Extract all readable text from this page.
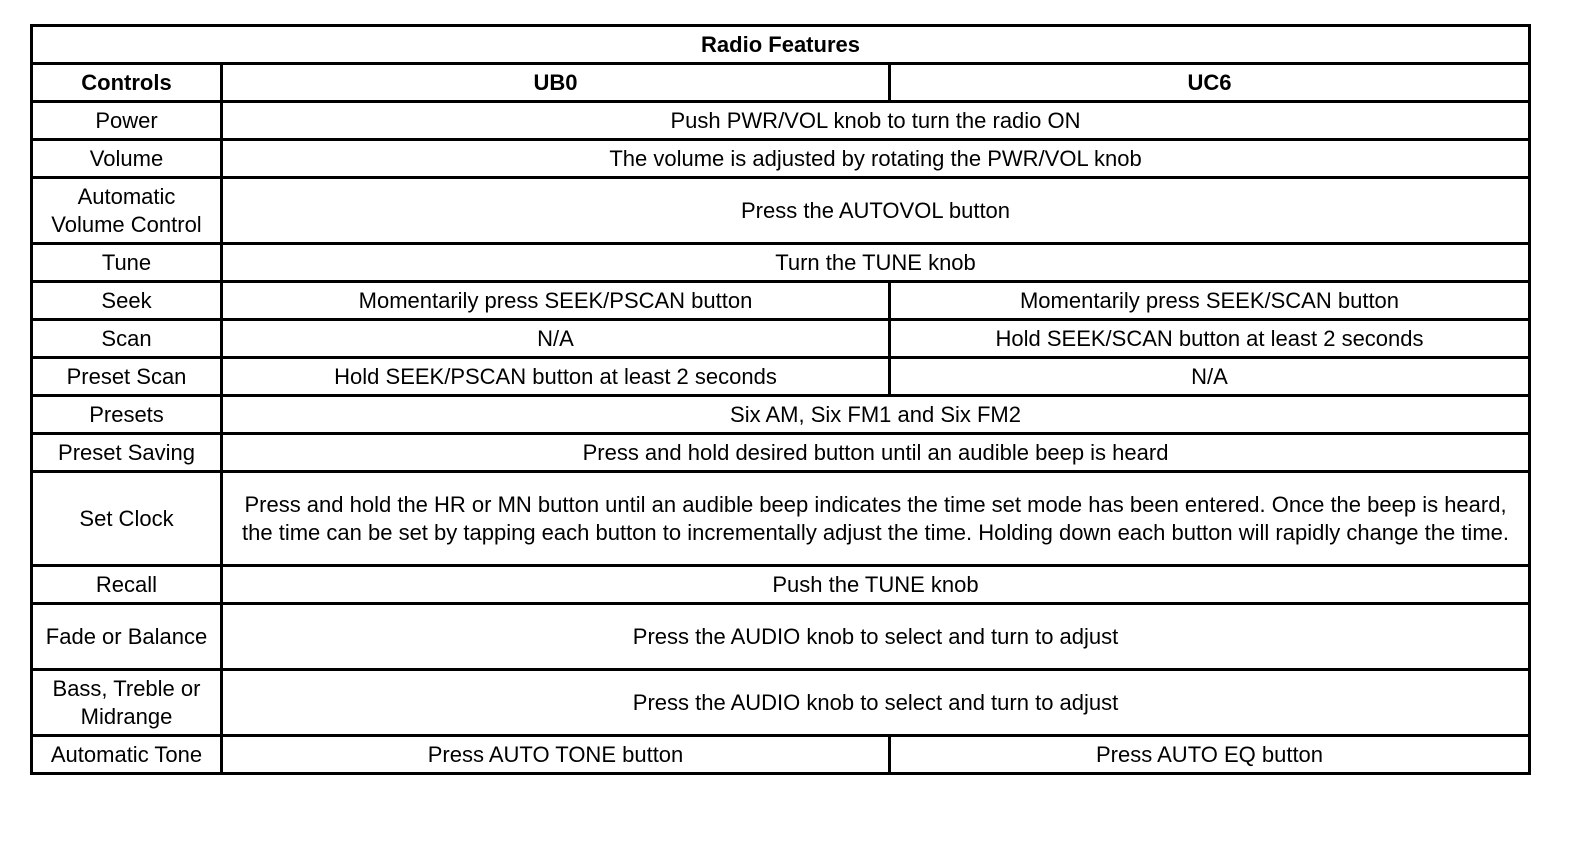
Radio Features		
Controls	UB0	UC6
Power	Push PWR/VOL knob to turn the radio ON	
Volume	The volume is adjusted by rotating the PWR/VOL knob	
Automatic Volume Control	Press the AUTOVOL button	
Tune	Turn the TUNE knob	
Seek	Momentarily press SEEK/PSCAN button	Momentarily press SEEK/SCAN button
Scan	N/A	Hold SEEK/SCAN button at least 2 seconds
Preset Scan	Hold SEEK/PSCAN button at least 2 seconds	N/A
Presets	Six AM, Six FM1 and Six FM2	
Preset Saving	Press and hold desired button until an audible beep is heard	
Set Clock	Press and hold the HR or MN button until an audible beep indicates the time set mode has been entered. Once the beep is heard, the time can be set by tapping each button to incrementally adjust the time. Holding down each button will rapidly change the time.	
Recall	Push the TUNE knob	
Fade or Balance	Press the AUDIO knob to select and turn to adjust	
Bass, Treble or Midrange	Press the AUDIO knob to select and turn to adjust	
Automatic Tone	Press AUTO TONE button	Press AUTO EQ button
